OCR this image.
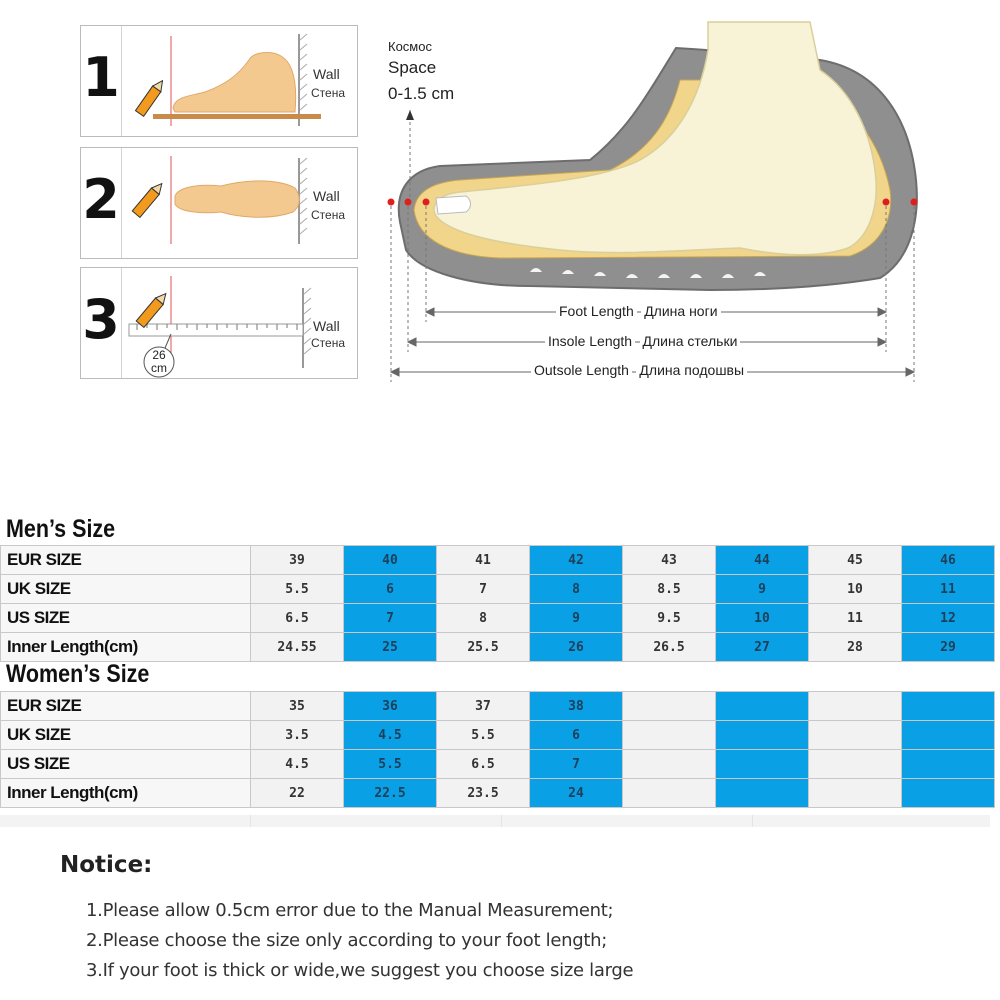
1	Wall
Стена
2	Wall
Стена
3
26
cm
Wall
Стена
Космос
Space
0-1.5 cm
Foot Length Длина ноги
Insole Length Длина стельки
Outsole Length Длина подошвы
Men’s Size
EUR SIZE	39	40	41	42	43	44	45	46
UK SIZE	5.5	6	7	8	8.5	9	10	11
US SIZE	6.5	7	8	9	9.5	10	11	12
Inner Length(cm)	24.55	25	25.5	26	26.5	27	28	29
Women’s Size
EUR SIZE	35	36	37	38				
UK SIZE	3.5	4.5	5.5	6				
US SIZE	4.5	5.5	6.5	7				
Inner Length(cm)	22	22.5	23.5	24				
Notice:
1.Please allow 0.5cm error due to the Manual Measurement;
2.Please choose the size only according to your foot length;
3.If your foot is thick or wide,we suggest you choose size large
